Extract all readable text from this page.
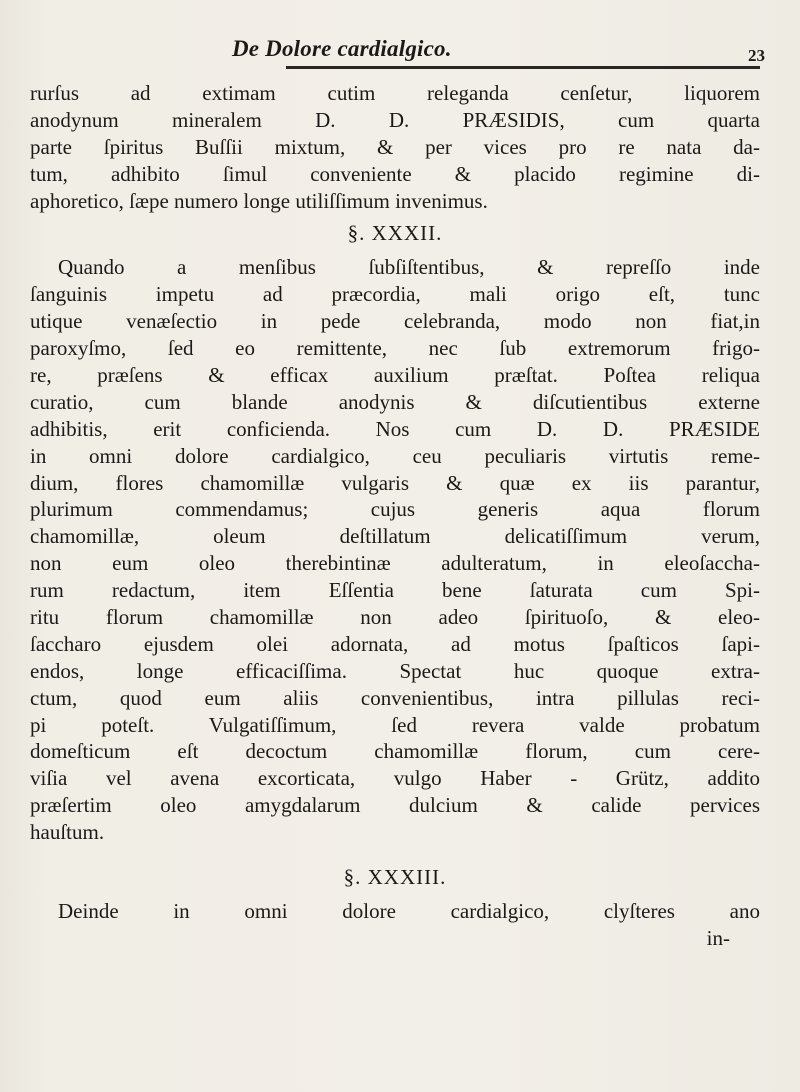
De Dolore cardialgico.	23
rurſus ad extimam cutim releganda cenſetur, liquorem
anodynum mineralem D. D. PRÆSIDIS, cum quarta
parte ſpiritus Buſſii mixtum, & per vices pro re nata da-
tum, adhibito ſimul conveniente & placido regimine di-
aphoretico, ſæpe numero longe utiliſſimum invenimus.
§. XXXII.
Quando a menſibus ſubſiſtentibus, & repreſſo inde
ſanguinis impetu ad præcordia, mali origo eſt, tunc
utique venæſectio in pede celebranda, modo non fiat,in
paroxyſmo, ſed eo remittente, nec ſub extremorum frigo-
re, præſens & efficax auxilium præſtat. Poſtea reliqua
curatio, cum blande anodynis & diſcutientibus externe
adhibitis, erit conficienda. Nos cum D. D. PRÆSIDE
in omni dolore cardialgico, ceu peculiaris virtutis reme-
dium, flores chamomillæ vulgaris & quæ ex iis parantur,
plurimum commendamus; cujus generis aqua florum
chamomillæ, oleum deſtillatum delicatiſſimum verum,
non eum oleo therebintinæ adulteratum, in eleoſaccha-
rum redactum, item Eſſentia bene ſaturata cum Spi-
ritu florum chamomillæ non adeo ſpirituoſo, & eleo-
ſaccharo ejusdem olei adornata, ad motus ſpaſticos ſapi-
endos, longe efficaciſſima. Spectat huc quoque extra-
ctum, quod eum aliis convenientibus, intra pillulas reci-
pi poteſt. Vulgatiſſimum, ſed revera valde probatum
domeſticum eſt decoctum chamomillæ florum, cum cere-
viſia vel avena excorticata, vulgo Haber - Grütz, addito
præſertim oleo amygdalarum dulcium & calide pervices
hauſtum.
§. XXXIII.
Deinde in omni dolore cardialgico, clyſteres ano
in-
